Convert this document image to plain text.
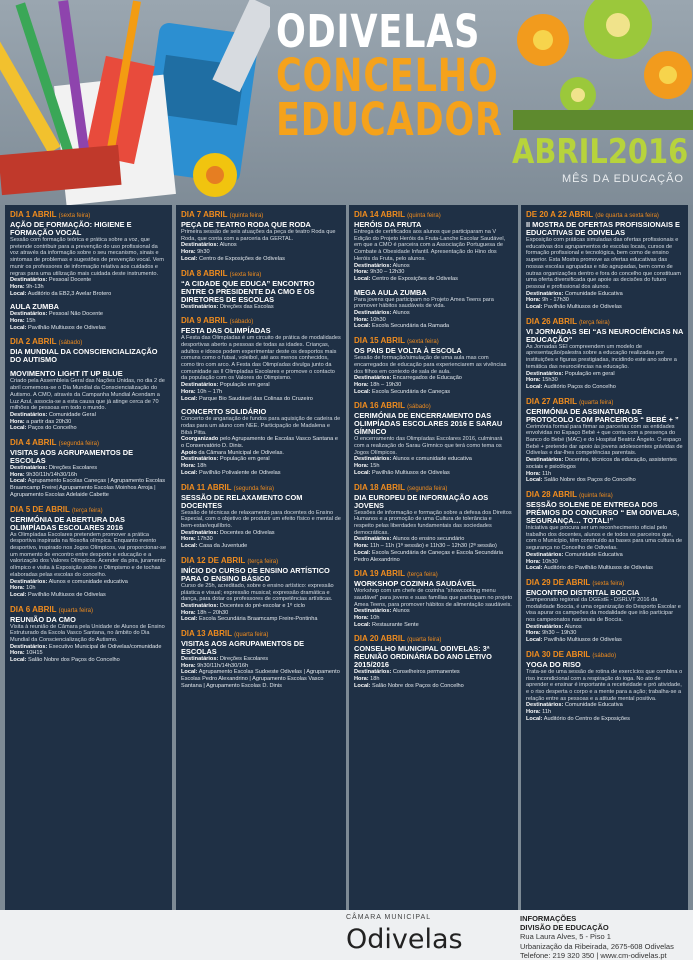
ODIVELAS
CONCELHO
EDUCADOR
ABRIL2016
MÊS DA EDUCAÇÃO
DIA 1 ABRIL (sexta feira)
AÇÃO DE FORMAÇÃO: HIGIENE E FORMAÇÃO VOCAL
Sessão com formação teórica e prática sobre a voz, que pretende contribuir para a prevenção do uso profissional da voz através da informação sobre o seu mecanismo, sinais e sintomas de problemas e sugestões de prevenção vocal. Vem munir os professores de informação relativa aos cuidados e regras para uma utilização mais cuidada deste instrumento.
Destinatários: Pessoal Docente
Hora: 9h-13h
Local: Auditório da EB2,3 Avelar Brotero
AULA ZUMBA
Destinatários: Pessoal Não Docente
Hora: 15h
Local: Pavilhão Multiusos de Odivelas
DIA 2 ABRIL (sábado)
DIA MUNDIAL DA CONSCIENCIALIZAÇÃO DO AUTISMO
MOVIMENTO LIGHT IT UP BLUE
Criado pela Assembleia Geral das Nações Unidas, no dia 2 de abril comemora-se o Dia Mundial da Consciencialização do Autismo. A CMO, através da Campanha Mundial Acendam a Luz Azul, associa-se a esta causa que já atinge cerca de 70 milhões de pessoas em todo o mundo.
Destinatários: Comunidade Geral
Hora: a partir das 20h30
Local: Paços do Concelho
DIA 4 ABRIL (segunda feira)
VISITAS AOS AGRUPAMENTOS DE ESCOLAS
Destinatários: Direções Escolares
Hora: 9h30/11h/14h30/16h
Local: Agrupamento Escolas Caneças | Agrupamento Escolas Braamcamp Freire| Agrupamento Escolas Moinhos Arroja | Agrupamento Escolas Adelaide Cabette
DIA 5 DE ABRIL (terça feira)
CERIMÓNIA DE ABERTURA DAS OLIMPÍADAS ESCOLARES 2016
As Olimpíadas Escolares pretendem promover a prática desportiva inspirada na filosofia olímpica. Enquanto evento desportivo, inspirado nos Jogos Olímpicos, vai proporcionar-se um momento de encontro entre desporto e educação e a valorização dos Valores Olímpicos. Acender da pira, juramento olímpico e visita à Exposição sobre o Olimpismo e de tochas elaboradas pelas escolas do concelho.
Destinatários: Alunos e comunidade educativa
Hora: 10h
Local: Pavilhão Multiusos de Odivelas
DIA 6 ABRIL (quarta feira)
REUNIÃO DA CMO
Visita à reunião de Câmara pela Unidade de Alunos de Ensino Estruturado da Escola Vasco Santana, no âmbito do Dia Mundial da Consciencialização do Autismo.
Destinatários: Executivo Municipal de Odivelas/comunidade
Hora: 10H15
Local: Salão Nobre dos Paços do Concelho
DIA 7 ABRIL (quinta feira)
PEÇA DE TEATRO RODA QUE RODA
Primeira sessão de seis atuações da peça de teatro Roda que Roda, que conta com a parceria da GERTAL.
Destinatários: Alunos
Hora: 9h30
Local: Centro de Exposições de Odivelas
DIA 8 ABRIL (sexta feira)
“A CIDADE QUE EDUCA” ENCONTRO ENTRE O PRESIDENTE DA CMO E OS DIRETORES DE ESCOLAS
Destinatários: Direções das Escolas
DIA 9 ABRIL (sábado)
FESTA DAS OLIMPÍADAS
A Festa das Olimpíadas é um circuito de prática de modalidades desportivas aberto a pessoas de todas as idades. Crianças, adultos e idosos podem experimentar deste os desportos mais comuns como o futsal, voleibol, até aos menos conhecidos, como tiro com arco. A Festa das Olimpíadas divulga junto da comunidade as II Olimpíadas Escolares e promove o contacto da população com os Valores do Olimpismo.
Destinatários: População em geral
Hora: 10h – 17h
Local: Parque Bio Saudável das Colinas do Cruzeiro
CONCERTO SOLIDÁRIO
Concerto de angariação de fundos para aquisição de cadeira de rodas para um aluno com NEE. Participação de Madalena e Bibá Pitta.
Coorganizado pelo Agrupamento de Escolas Vasco Santana e o Conservatório D. Dinis.
Apoio da Câmara Municipal de Odivelas.
Destinatários: População em geral
Hora: 18h
Local: Pavilhão Polivalente de Odivelas
DIA 11 ABRIL (segunda feira)
SESSÃO DE RELAXAMENTO COM DOCENTES
Sessão de técnicas de relaxamento para docentes do Ensino Especial, com o objetivo de produzir um efeito físico e mental de bem-estar/equilíbrio.
Destinatários: Docentes de Odivelas
Hora: 17h30
Local: Casa da Juventude
DIA 12 DE ABRIL (terça feira)
INÍCIO DO CURSO DE ENSINO ARTÍSTICO PARA O ENSINO BÁSICO
Curso de 25h, acreditado, sobre o ensino artístico: expressão plástica e visual; expressão musical; expressão dramática e dança, para dotar os professores de competências artísticas.
Destinatários: Docentes do pré-escolar e 1º ciclo
Hora: 18h – 20h30
Local: Escola Secundária Braamcamp Freire-Pontinha
DIA 13 ABRIL (quarta feira)
VISITAS AOS AGRUPAMENTOS DE ESCOLAS
Destinatários: Direções Escolares
Hora: 9h30/11h/14h30/16h
Local: Agrupamento Escolas Sudoeste Odivelas | Agrupamento Escolas Pedro Alexandrino | Agrupamento Escolas Vasco Santana | Agrupamento Escolas D. Dinis
DIA 14 ABRIL (quinta feira)
HERÓIS DA FRUTA
Entrega de certificados aos alunos que participaram na V Edição do Projeto Heróis da Fruta-Lanche Escolar Saudável, em que a CMO é parceira com a Associação Portuguesa de Combate à Obesidade Infantil. Apresentação do Hino dos Heróis da Fruta, pelo alunos.
Destinatários: Alunos
Hora: 9h30 – 12h30
Local: Centro de Exposições de Odivelas
MEGA AULA ZUMBA
Para jovens que participam no Projeto Amea Teens para promover hábitos saudáveis de vida.
Destinatários: Alunos
Hora: 10h30
Local: Escola Secundária da Ramada
DIA 15 ABRIL (sexta feira)
OS PAIS DE VOLTA À ESCOLA
Sessão de formação/simulação de uma aula mas com encarregados de educação para experienciarem as vivências dos filhos em contexto de sala de aula.
Destinatários: Encarregados de Educação
Hora: 18h – 19h30
Local: Escola Secundária de Caneças
DIA 16 ABRIL (sábado)
CERIMÓNIA DE ENCERRAMENTO DAS OLIMPÍADAS ESCOLARES 2016 E SARAU GÍMNICO
O encerramento das Olimpíadas Escolares 2016, culminará com a realização do Sarau Gímnico que terá como tema os Jogos Olímpicos.
Destinatários: Alunos e comunidade educativa
Hora: 15h
Local: Pavilhão Multiusos de Odivelas
DIA 18 ABRIL (segunda feira)
DIA EUROPEU DE INFORMAÇÃO AOS JOVENS
Sessões de informação e formação sobre a defesa dos Direitos Humanos e a promoção de uma Cultura de tolerância e respeito pelas liberdades fundamentais das sociedades democráticas.
Destinatários: Alunos do ensino secundário
Hora: 11h – 11h (1ª sessão) e 11h30 – 12h30 (2ª sessão)
Local: Escola Secundária de Caneças e Escola Secundária Pedro Alexandrino
DIA 19 ABRIL (terça feira)
WORKSHOP COZINHA SAUDÁVEL
Workshop com um chefe de cozinha “showcooking menu saudável” para jovens e suas famílias que participam no projeto Amea Teens, para promover hábitos de alimentação saudáveis.
Destinatários: Alunos
Hora: 10h
Local: Restaurante Sente
DIA 20 ABRIL (quarta feira)
CONSELHO MUNICIPAL ODIVELAS: 3ª REUNIÃO ORDINÁRIA DO ANO LETIVO 2015/2016
Destinatários: Conselheiros permanentes
Hora: 18h
Local: Salão Nobre dos Paços do Concelho
DE 20 A 22 ABRIL (de quarta a sexta feira)
II MOSTRA DE OFERTAS PROFISSIONAIS E EDUCATIVAS DE ODIVELAS
Exposição com práticas simuladas das ofertas profissionais e educativas dos agrupamentos de escolas locais, cursos de formação profissional e tecnológica, bem como de ensino superior. Esta Mostra promove as ofertas educativas das nossas escolas agrupadas e não agrupadas, bem como de outras organizações dentro e fora do concelho que constituam uma oferta diversificada que apoie as decisões do futuro pessoal e profissional dos alunos.
Destinatários: Comunidade Educativa
Hora: 9h - 17h30
Local: Pavilhão Multiusos de Odivelas
DIA 26 ABRIL (terça feira)
VI JORNADAS SEI “AS NEUROCIÊNCIAS NA EDUCAÇÃO”
As Jornadas SEI compreendem um modelo de apresentação/palestra sobre a educação realizadas por instituições e figuras prestigiadas, incidindo este ano sobre a temática das neurociências na educação.
Destinatários: População em geral
Hora: 15h30
Local: Auditório Paços do Concelho
DIA 27 ABRIL (quarta feira)
CERIMÓNIA DE ASSINATURA DE PROTOCOLO COM PARCEIROS “ BEBÉ + ”
Cerimónia formal para firmar as parcerias com as entidades envolvidas no Espaço Bebé + que conta com a presença do Banco do Bebé (MAC) e do Hospital Beatriz Ângelo. O espaço Bebé + pretende dar apoio às jovens adolescentes grávidas de Odivelas e dar-lhes competências parentais.
Destinatários: Docentes, técnicos da educação, assistentes sociais e psicólogos
Hora: 11h
Local: Salão Nobre dos Paços do Concelho
DIA 28 ABRIL (quinta feira)
SESSÃO SOLENE DE ENTREGA DOS PRÉMIOS DO CONCURSO “ EM ODIVELAS, SEGURANÇA… TOTAL!”
Iniciativa que procura ser um reconhecimento oficial pelo trabalho dos docentes, alunos e de todos os parceiros que, com o Município, têm construído as bases para uma cultura de segurança no Concelho de Odivelas.
Destinatários: Comunidade Educativa
Hora: 10h30
Local: Auditório do Pavilhão Multiusos de Odivelas
DIA 29 DE ABRIL (sexta feira)
ENCONTRO DISTRITAL BOCCIA
Campeonato regional da DGEstE - DSRLVT 2016 da modalidade Boccia, é uma organização do Desporto Escolar e visa apurar os campeões da modalidade que irão participar nos campeonatos nacionais de Boccia.
Destinatários: Alunos
Hora: 9h30 – 19h30
Local: Pavilhão Multiusos de Odivelas
DIA 30 DE ABRIL (sábado)
YOGA DO RISO
Trata-se de uma sessão de rotina de exercícios que combina o riso incondicional com a respiração do ioga. No ato de aprender e ensinar é importante a recetividade e pró atividade, e o riso desperta o corpo e a mente para a ação; trabalha-se a relação entre as pessoas e a atitude mental positiva.
Destinatários: Comunidade Educativa
Hora: 11h
Local: Auditório do Centro de Exposições
CÂMARA MUNICIPAL
Odivelas
INFORMAÇÕES
DIVISÃO DE EDUCAÇÃO
Rua Laura Alves, 5 - Piso 1
Urbanização da Ribeirada, 2675-608 Odivelas
Telefone: 219 320 350 | www.cm-odivelas.pt
